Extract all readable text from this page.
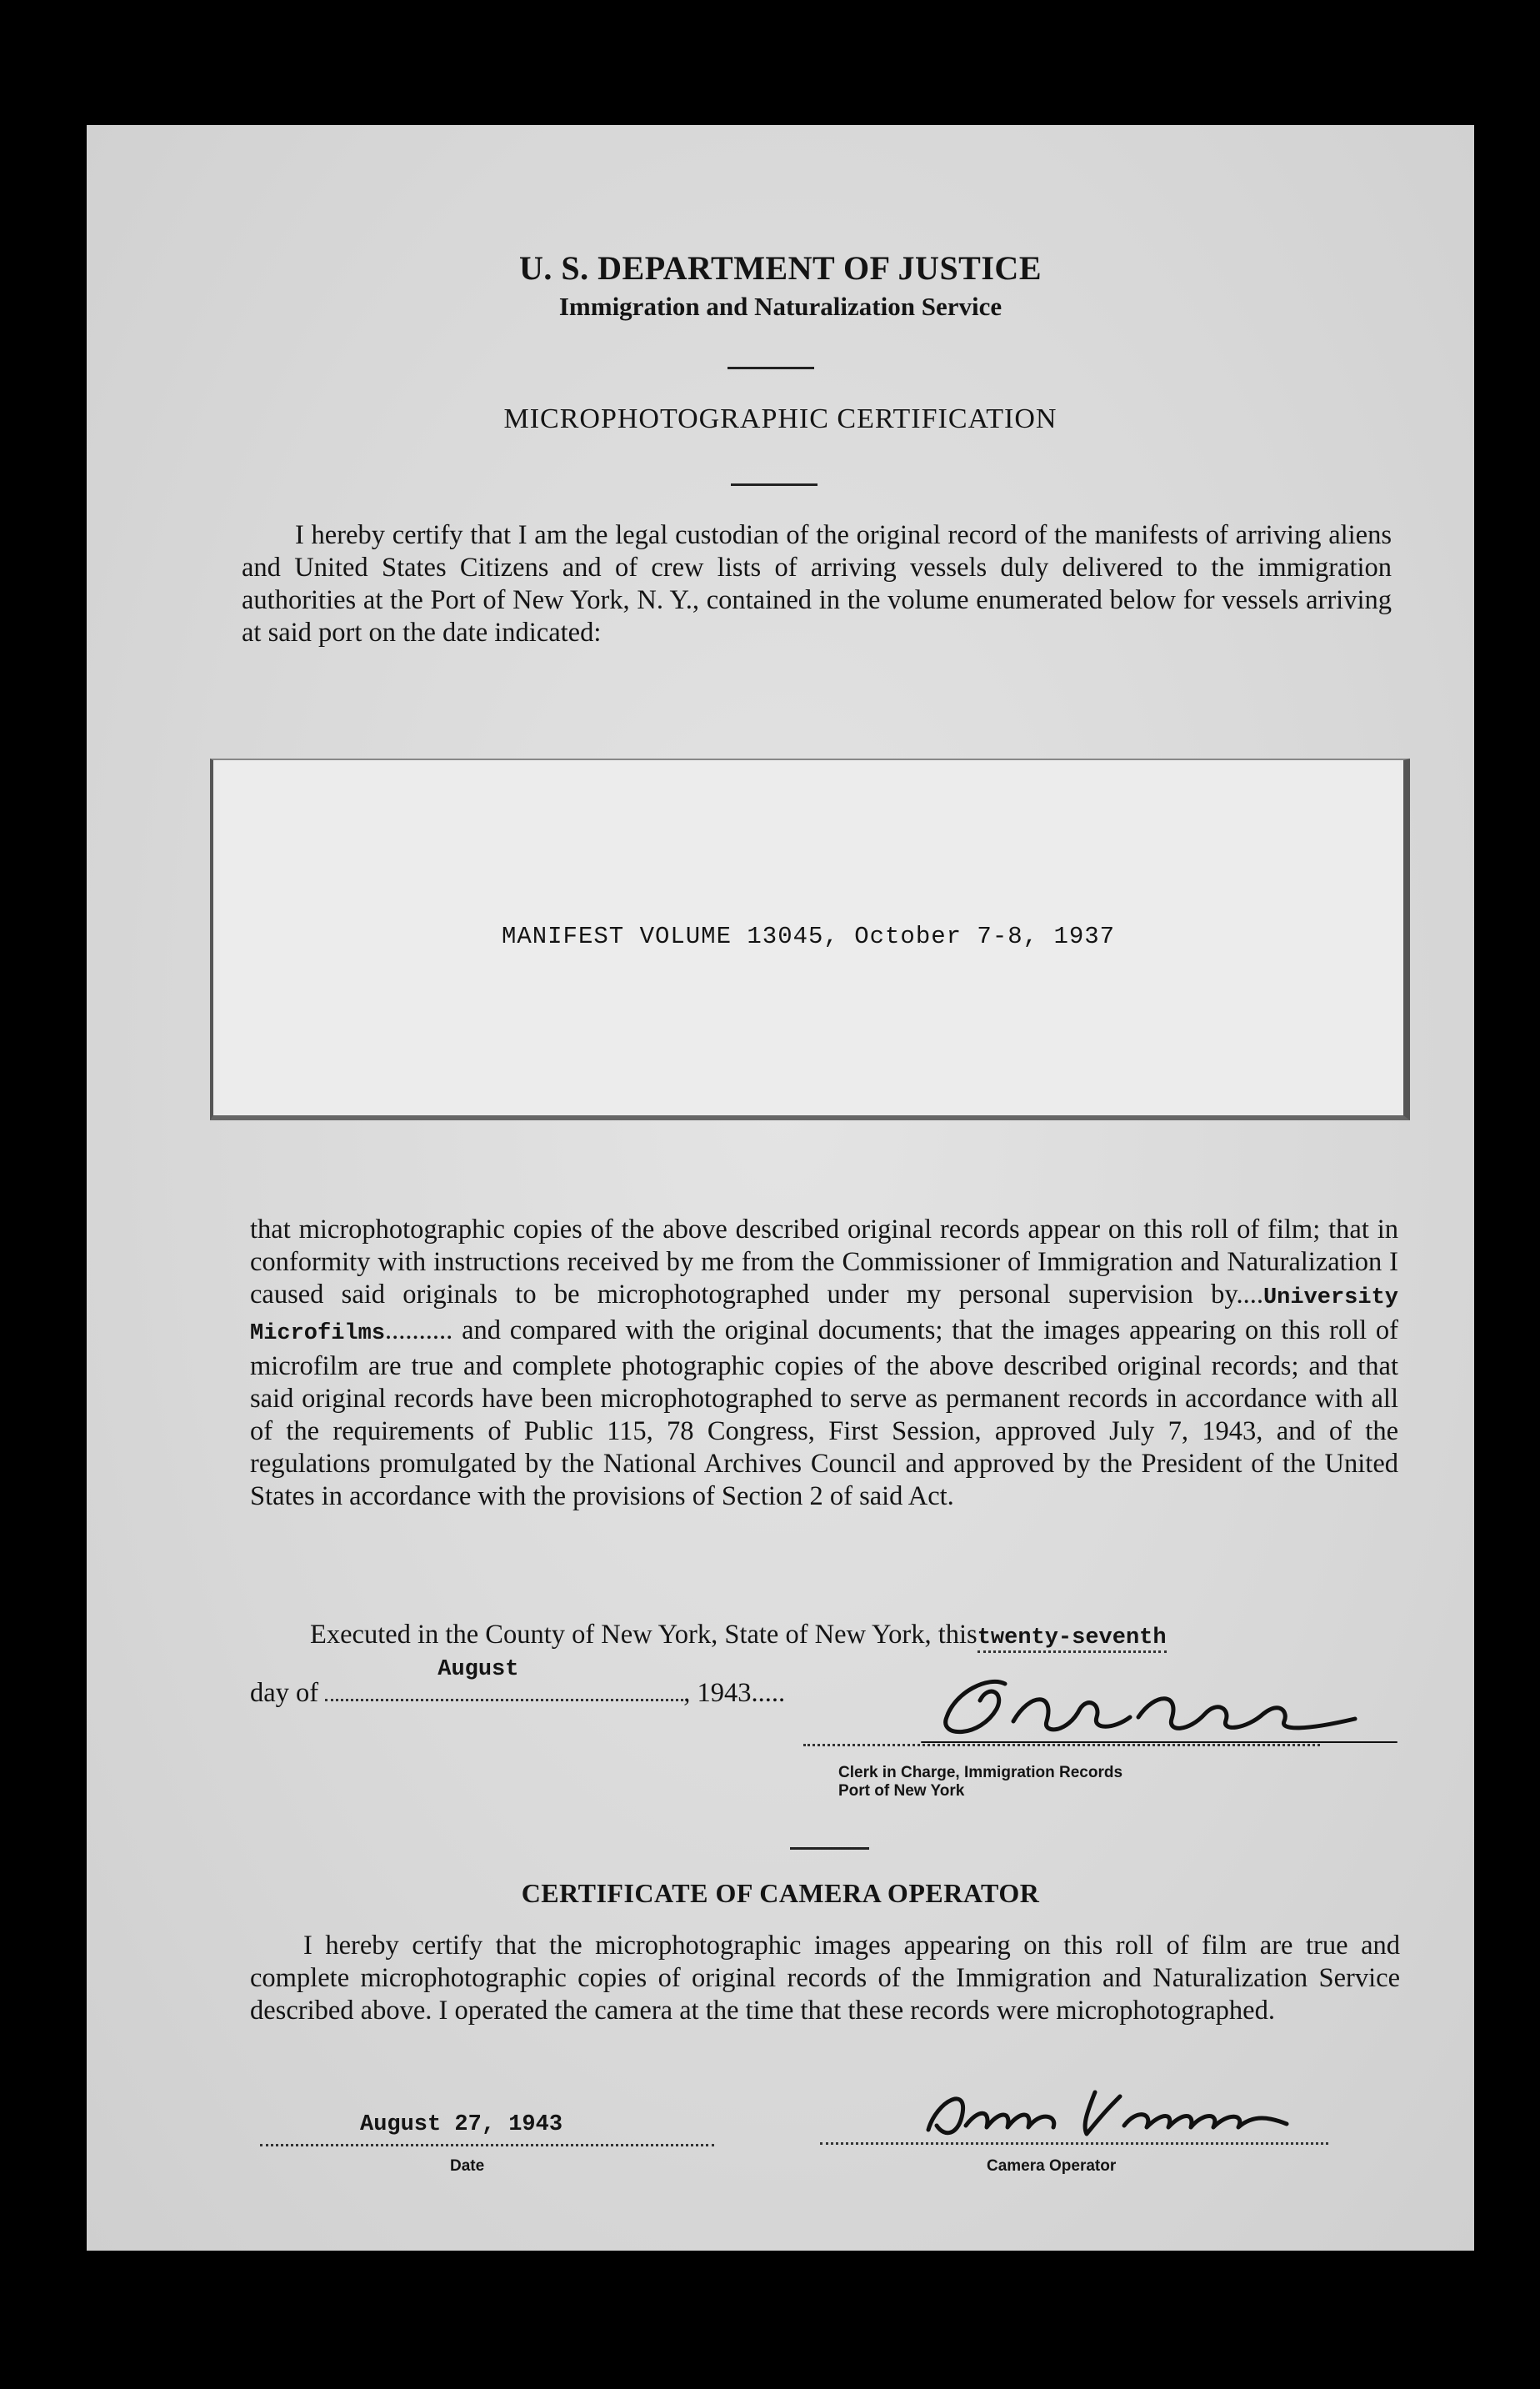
U. S. DEPARTMENT OF JUSTICE
Immigration and Naturalization Service
MICROPHOTOGRAPHIC CERTIFICATION
I hereby certify that I am the legal custodian of the original record of the manifests of arriving aliens and United States Citizens and of crew lists of arriving vessels duly delivered to the immigration authorities at the Port of New York, N. Y., contained in the volume enumerated below for vessels arriving at said port on the date indicated:
MANIFEST VOLUME 13045, October 7-8, 1937
that microphotographic copies of the above described original records appear on this roll of film; that in conformity with instructions received by me from the Commissioner of Immigration and Naturalization I caused said originals to be microphotographed under my personal supervision by....University Microfilms.......... and compared with the original documents; that the images appearing on this roll of microfilm are true and complete photographic copies of the above described original records; and that said original records have been microphotographed to serve as permanent records in accordance with all of the requirements of Public 115, 78 Congress, First Session, approved July 7, 1943, and of the regulations promulgated by the National Archives Council and approved by the President of the United States in accordance with the provisions of Section 2 of said Act.
Executed in the County of New York, State of New York, thistwenty-seventh
day of
August
, 1943.....
Clerk in Charge, Immigration Records
Port of New York
CERTIFICATE OF CAMERA OPERATOR
I hereby certify that the microphotographic images appearing on this roll of film are true and complete microphotographic copies of original records of the Immigration and Naturalization Service described above. I operated the camera at the time that these records were microphotographed.
August 27, 1943
Date	Camera Operator
